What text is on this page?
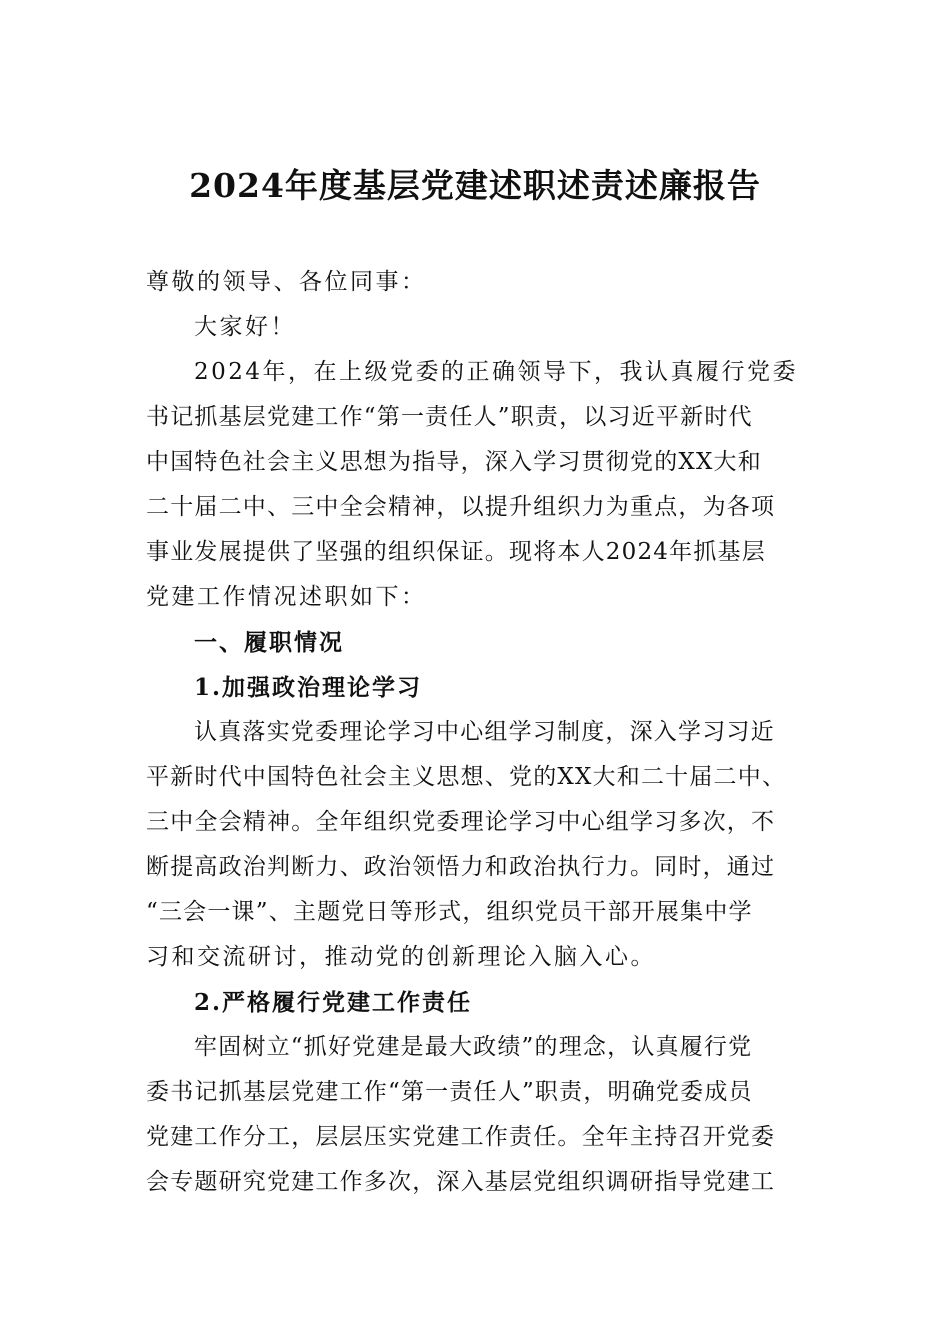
2024年度基层党建述职述责述廉报告
尊敬的领导、各位同事：
大家好！
2024年，在上级党委的正确领导下，我认真履行党委
书记抓基层党建工作“第一责任人”职责，以习近平新时代
中国特色社会主义思想为指导，深入学习贯彻党的XX大和
二十届二中、三中全会精神，以提升组织力为重点，为各项
事业发展提供了坚强的组织保证。现将本人2024年抓基层
党建工作情况述职如下：
一、履职情况
1.加强政治理论学习
认真落实党委理论学习中心组学习制度，深入学习习近
平新时代中国特色社会主义思想、党的XX大和二十届二中、
三中全会精神。全年组织党委理论学习中心组学习多次，不
断提高政治判断力、政治领悟力和政治执行力。同时，通过
“三会一课”、主题党日等形式，组织党员干部开展集中学
习和交流研讨，推动党的创新理论入脑入心。
2.严格履行党建工作责任
牢固树立“抓好党建是最大政绩”的理念，认真履行党
委书记抓基层党建工作“第一责任人”职责，明确党委成员
党建工作分工，层层压实党建工作责任。全年主持召开党委
会专题研究党建工作多次，深入基层党组织调研指导党建工
